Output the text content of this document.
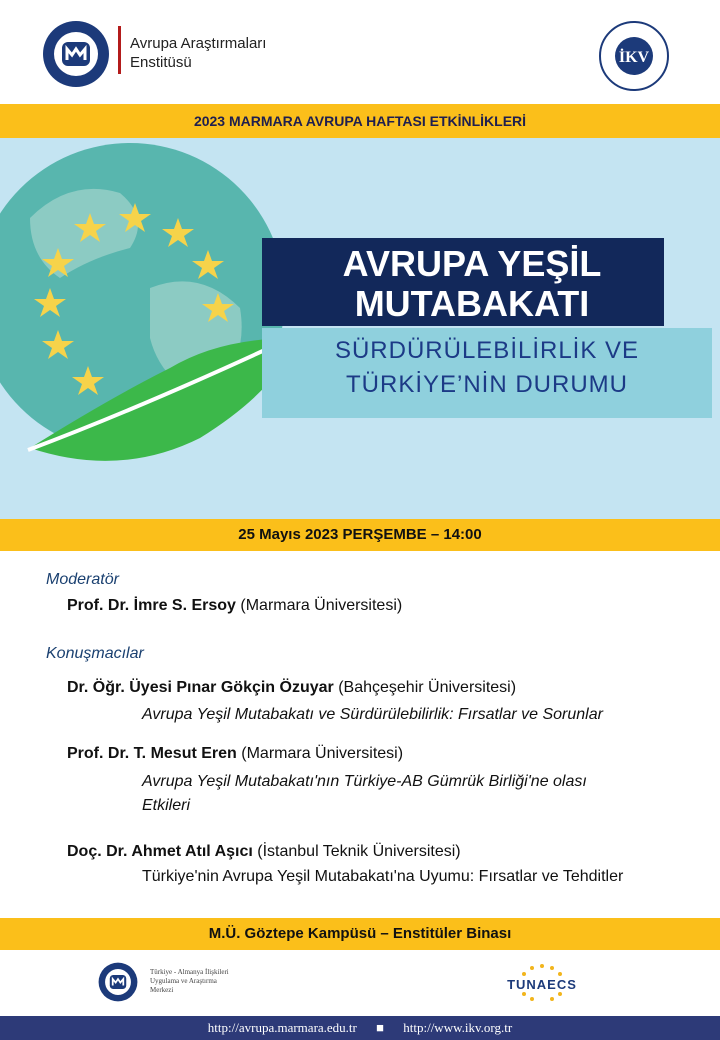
Avrupa Araştırmaları
Enstitüsü	İKV
2023 MARMARA AVRUPA HAFTASI ETKİNLİKLERİ
AVRUPA YEŞİL
MUTABAKATI
SÜRDÜRÜLEBİLİRLİK VE
TÜRKİYE’NİN DURUMU
25 Mayıs 2023 PERŞEMBE – 14:00
Moderatör
Prof. Dr. İmre S. Ersoy (Marmara Üniversitesi)
Konuşmacılar
Dr. Öğr. Üyesi Pınar Gökçin Özuyar (Bahçeşehir Üniversitesi)
Avrupa Yeşil Mutabakatı ve Sürdürülebilirlik: Fırsatlar ve Sorunlar
Prof. Dr. T. Mesut Eren (Marmara Üniversitesi)
Avrupa Yeşil Mutabakatı'nın Türkiye-AB Gümrük Birliği'ne olası
Etkileri
Doç. Dr. Ahmet Atıl Aşıcı (İstanbul Teknik Üniversitesi)
Türkiye'nin Avrupa Yeşil Mutabakatı'na Uyumu: Fırsatlar ve Tehditler
M.Ü. Göztepe Kampüsü – Enstitüler Binası
Türkiye - Almanya İlişkileri
Uygulama ve Araştırma
Merkezi	TUNAECS
http://avrupa.marmara.edu.tr ■ http://www.ikv.org.tr
